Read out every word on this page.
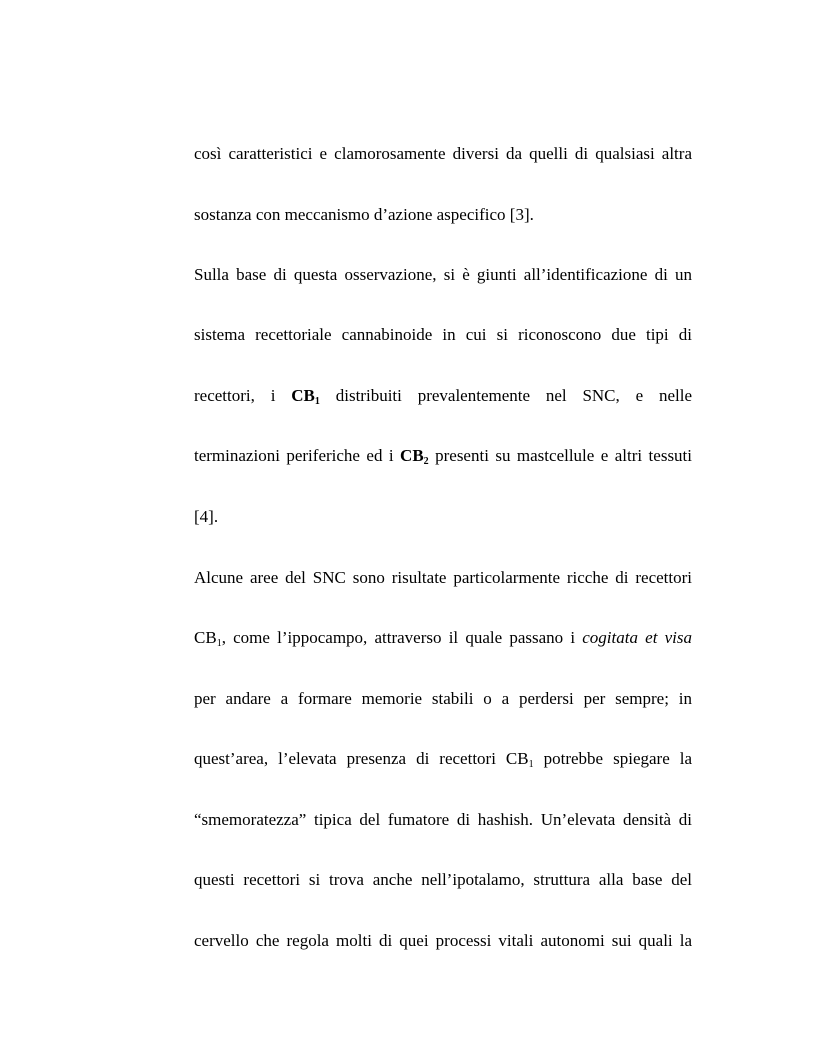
così caratteristici e clamorosamente diversi da quelli di qualsiasi altra
sostanza con meccanismo d’azione aspecifico [3].
Sulla base di questa osservazione, si è giunti all’identificazione di un
sistema recettoriale cannabinoide in cui si riconoscono due tipi di
recettori, i $CB_1$ distribuiti prevalentemente nel SNC, e nelle
terminazioni periferiche ed i $CB_2$ presenti su mastcellule e altri tessuti
[4].
Alcune aree del SNC sono risultate particolarmente ricche di recettori
$CB_1$, come l’ippocampo, attraverso il quale passano i cogitata et visa
per andare a formare memorie stabili o a perdersi per sempre; in
quest’area, l’elevata presenza di recettori $CB_1$ potrebbe spiegare la
“smemoratezza” tipica del fumatore di hashish. Un’elevata densità di
questi recettori si trova anche nell’ipotalamo, struttura alla base del
cervello che regola molti di quei processi vitali autonomi sui quali la
